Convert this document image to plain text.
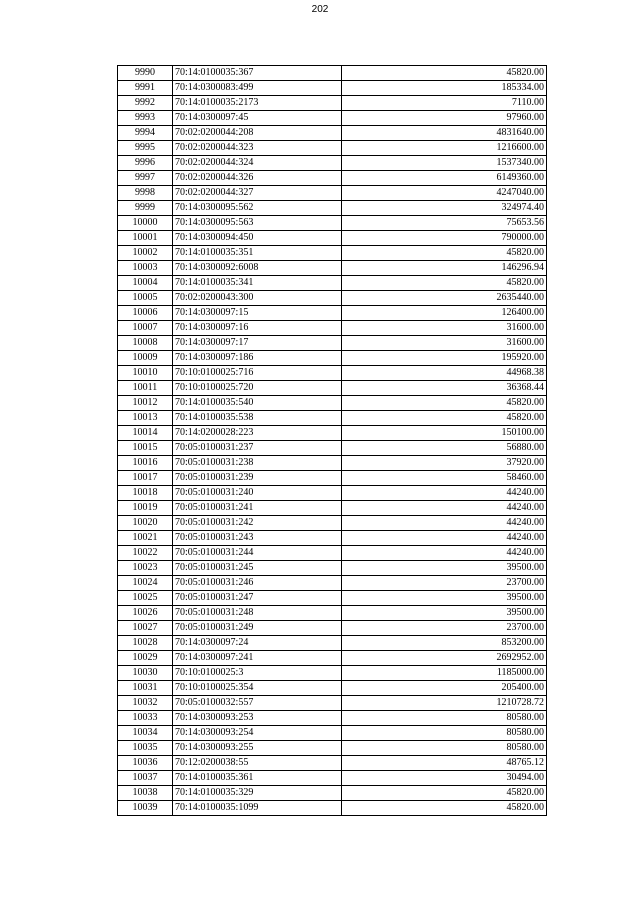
202
9990	70:14:0100035:367	45820.00
9991	70:14:0300083:499	185334.00
9992	70:14:0100035:2173	7110.00
9993	70:14:0300097:45	97960.00
9994	70:02:0200044:208	4831640.00
9995	70:02:0200044:323	1216600.00
9996	70:02:0200044:324	1537340.00
9997	70:02:0200044:326	6149360.00
9998	70:02:0200044:327	4247040.00
9999	70:14:0300095:562	324974.40
10000	70:14:0300095:563	75653.56
10001	70:14:0300094:450	790000.00
10002	70:14:0100035:351	45820.00
10003	70:14:0300092:6008	146296.94
10004	70:14:0100035:341	45820.00
10005	70:02:0200043:300	2635440.00
10006	70:14:0300097:15	126400.00
10007	70:14:0300097:16	31600.00
10008	70:14:0300097:17	31600.00
10009	70:14:0300097:186	195920.00
10010	70:10:0100025:716	44968.38
10011	70:10:0100025:720	36368.44
10012	70:14:0100035:540	45820.00
10013	70:14:0100035:538	45820.00
10014	70:14:0200028:223	150100.00
10015	70:05:0100031:237	56880.00
10016	70:05:0100031:238	37920.00
10017	70:05:0100031:239	58460.00
10018	70:05:0100031:240	44240.00
10019	70:05:0100031:241	44240.00
10020	70:05:0100031:242	44240.00
10021	70:05:0100031:243	44240.00
10022	70:05:0100031:244	44240.00
10023	70:05:0100031:245	39500.00
10024	70:05:0100031:246	23700.00
10025	70:05:0100031:247	39500.00
10026	70:05:0100031:248	39500.00
10027	70:05:0100031:249	23700.00
10028	70:14:0300097:24	853200.00
10029	70:14:0300097:241	2692952.00
10030	70:10:0100025:3	1185000.00
10031	70:10:0100025:354	205400.00
10032	70:05:0100032:557	1210728.72
10033	70:14:0300093:253	80580.00
10034	70:14:0300093:254	80580.00
10035	70:14:0300093:255	80580.00
10036	70:12:0200038:55	48765.12
10037	70:14:0100035:361	30494.00
10038	70:14:0100035:329	45820.00
10039	70:14:0100035:1099	45820.00
